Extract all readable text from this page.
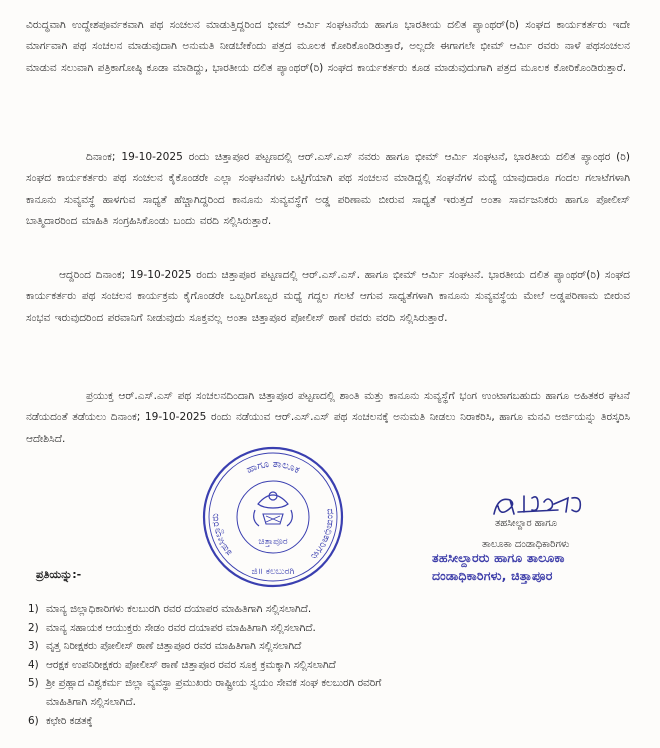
ವಿರುದ್ಧವಾಗಿ ಉದ್ದೇಶಪೂರ್ವಕವಾಗಿ ಪಥ ಸಂಚಲನ ಮಾಡುತ್ತಿದ್ದರಿಂದ ಭೀಮ್ ಆರ್ಮಿ ಸಂಘಟನೆಯ ಹಾಗೂ ಭಾರತೀಯ ದಲಿತ ಪ್ಯಾಂಥರ್(ರಿ) ಸಂಘದ ಕಾರ್ಯಕರ್ತರು ಇದೇ ಮಾರ್ಗವಾಗಿ ಪಥ ಸಂಚಲನ ಮಾಡುವುದಾಗಿ ಅನುಮತಿ ನೀಡಬೇಕೆಂದು ಪತ್ರದ ಮೂಲಕ ಕೋರಿಕೊಂಡಿರುತ್ತಾರೆ, ಅಲ್ಲದೇ ಈಗಾಗಲೇ ಭೀಮ್ ಆರ್ಮಿ ರವರು ನಾಳೆ ಪಥಸಂಚಲನ ಮಾಡುವ ಸಲುವಾಗಿ ಪತ್ರಿಕಾಗೋಷ್ಠಿ ಕೂಡಾ ಮಾಡಿದ್ದು, ಭಾರತೀಯ ದಲಿತ ಪ್ಯಾಂಥರ್(ರಿ) ಸಂಘದ ಕಾರ್ಯಕರ್ತರು ಕೂಡ ಮಾಡುವುದುಗಾಗಿ ಪತ್ರದ ಮೂಲಕ ಕೋರಿಕೊಂಡಿರುತ್ತಾರೆ.

ದಿನಾಂಕ; 19-10-2025 ರಂದು ಚಿತ್ತಾಪೂರ ಪಟ್ಟಣದಲ್ಲಿ ಆರ್.ಎಸ್.ಎಸ್ ನವರು ಹಾಗೂ ಭೀಮ್ ಆರ್ಮಿ ಸಂಘಟನೆ, ಭಾರತೀಯ ದಲಿತ ಪ್ಯಾಂಥರ (ರಿ) ಸಂಘದ ಕಾರ್ಯಕರ್ತರು ಪಥ ಸಂಚಲನ ಕೈಕೊಂಡರೇ ಎಲ್ಲಾ ಸಂಘಟನೆಗಳು ಒಟ್ಟಿಗೆಯಾಗಿ ಪಥ ಸಂಚಲನ ಮಾಡಿದ್ದಲ್ಲಿ ಸಂಘನೆಗಳ ಮಧ್ಯೆ ಯಾವುದಾರೂ ಗಂದಲ ಗಲಾಟೆಗಳಾಗಿ ಕಾನೂನು ಸುವ್ಯವಸ್ಥೆ ಹಾಳಗುವ ಸಾಧ್ಯತೆ ಹೆಚ್ಚಾಗಿದ್ದರಿಂದ ಕಾನೂನು ಸುವ್ಯವಸ್ಥೆಗೆ ಅಡ್ಡ ಪರಿಣಾಮ ಬೀರುವ ಸಾಧ್ಯತೆ ಇರುತ್ತದೆ ಅಂತಾ ಸಾರ್ವಜನಿಕರು ಹಾಗೂ ಪೋಲೀಸ್ ಬಾತ್ಮಿದಾರರಿಂದ ಮಾಹಿತಿ ಸಂಗ್ರಹಿಸಿಕೊಂಡು ಬಂದು ವರದಿ ಸಲ್ಲಿಸಿರುತ್ತಾರೆ.

ಆದ್ದರಿಂದ ದಿನಾಂಕ; 19-10-2025 ರಂದು ಚಿತ್ತಾಪೂರ ಪಟ್ಟಣದಲ್ಲಿ ಆರ್.ಎಸ್.ಎಸ್. ಹಾಗೂ ಭೀಮ್ ಆರ್ಮಿ ಸಂಘಟನೆ. ಭಾರತೀಯ ದಲಿತ ಪ್ಯಾಂಥರ್(ರಿ) ಸಂಘದ ಕಾರ್ಯಕರ್ತರು ಪಥ ಸಂಚಲನ ಕಾರ್ಯಕ್ರಮ ಕೈಗೊಂಡರೇ ಒಬ್ಬರಿಗೊಬ್ಬರ ಮಧ್ಯೆ ಗದ್ದಲ ಗಲಟೆ ಆಗುವ ಸಾಧ್ಯತೆಗಳಾಗಿ ಕಾನೂನು ಸುವ್ಯವಸ್ಥೆಯ ಮೇಲೆ ಅಡ್ಡಪರಿಣಾಮ ಬೀರುವ ಸಂಭವ ಇರುವುದರಿಂದ ಪರವಾನಿಗೆ ನೀಡುವುದು ಸೂಕ್ತವಲ್ಲ ಅಂತಾ ಚಿತ್ತಾಪೂರ ಪೋಲೀಸ್ ಠಾಣೆ ರವರು ವರದಿ ಸಲ್ಲಿಸಿರುತ್ತಾರೆ.

ಪ್ರಯುಕ್ತ ಆರ್.ಎಸ್.ಎಸ್ ಪಥ ಸಂಚಲನದಿಂದಾಗಿ ಚಿತ್ತಾಪೂರ ಪಟ್ಟಣದಲ್ಲಿ ಶಾಂತಿ ಮತ್ತು ಕಾನೂನು ಸುವ್ಯಸ್ಥೆಗೆ ಭಂಗ ಉಂಟಾಗಬಹುದು ಹಾಗೂ ಅಹಿತಕರ ಘಟನೆ ನಡೆಯದಂತೆ ತಡೆಯಲು ದಿನಾಂಕ; 19-10-2025 ರಂದು ನಡೆಯುವ ಆರ್.ಎಸ್.ಎಸ್ ಪಥ ಸಂಚಲನಕ್ಕೆ ಅನುಮತಿ ನೀಡಲು ನಿರಾಕರಿಸಿ, ಹಾಗೂ ಮನವಿ ಅರ್ಜಿಯನ್ನು ತಿರಸ್ಕರಿಸಿ ಆದೇಶಿಸಿದೆ.

ಹಾಗೂ ತಾಲೂಕ
ತಹಸೀಲ್ದಾರರು	ದಂಡಾಧಿಕಾರಿಗಳು
ಚಿತ್ತಾಪೂರ
ಜಿ॥ ಕಲಬುರಗಿ
ತಹಸೀಲ್ದಾರ ಹಾಗೂ
ತಾಲೂಕಾ ದಂಡಾಧಿಕಾರಿಗಳು
ತಹಸೀಲ್ದಾರರು ಹಾಗೂ ತಾಲೂಕಾ
ದಂಡಾಧಿಕಾರಿಗಳು, ಚಿತ್ತಾಪೂರ
ಪ್ರತಿಯನ್ನು:-
1) ಮಾನ್ಯ ಜಿಲ್ಲಾಧಿಕಾರಿಗಳು ಕಲಬುರಗಿ ರವರ ದಯಾಪರ ಮಾಹಿತಿಗಾಗಿ ಸಲ್ಲಿಸಲಾಗಿದೆ.
2) ಮಾನ್ಯ ಸಹಾಯಕ ಆಯುಕ್ತರು ಸೇಡಂ ರವರ ದಯಾಪರ ಮಾಹಿತಿಗಾಗಿ ಸಲ್ಲಿಸಲಾಗಿದೆ.
3) ವೃತ್ತ ನಿರೀಕ್ಷಕರು ಪೋಲೀಸ್ ಠಾಣೆ ಚಿತ್ತಾಪೂರ ರವರ ಮಾಹಿತಿಗಾಗಿ ಸಲ್ಲಿಸಲಾಗಿದೆ
4) ಆರಕ್ಷಕ ಉಪನಿರೀಕ್ಷಕರು ಪೋಲೀಸ್ ಠಾಣೆ ಚಿತ್ತಾಪೂರ ರವರ ಸೂಕ್ತ ಕ್ರಮಕ್ಕಾಗಿ ಸಲ್ಲಿಸಲಾಗಿದೆ
5) ಶ್ರೀ ಪ್ರಹ್ಲಾದ ವಿಶ್ವಕರ್ಮ ಜಿಲ್ಲಾ ವ್ಯವಸ್ಥಾ ಪ್ರಮುಖರು ರಾಷ್ಟ್ರೀಯ ಸ್ವಯಂ ಸೇವಕ ಸಂಘ ಕಲಬುರಗಿ ರವರಿಗೆ
ಮಾಹಿತಿಗಾಗಿ ಸಲ್ಲಿಸಲಾಗಿದೆ.
6) ಕಛೇರಿ ಕಡತಕ್ಕೆ
